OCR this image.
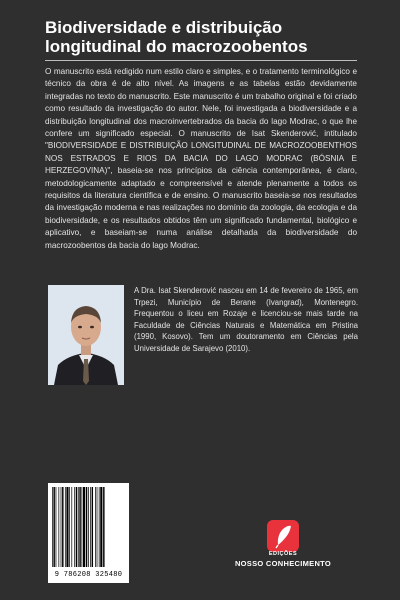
Biodiversidade e distribuição longitudinal do macrozoobentos
O manuscrito está redigido num estilo claro e simples, e o tratamento terminológico e técnico da obra é de alto nível. As imagens e as tabelas estão devidamente integradas no texto do manuscrito. Este manuscrito é um trabalho original e foi criado como resultado da investigação do autor. Nele, foi investigada a biodiversidade e a distribuição longitudinal dos macroinvertebrados da bacia do lago Modrac, o que lhe confere um significado especial. O manuscrito de Isat Skenderović, intitulado "BIODIVERSIDADE E DISTRIBUIÇÃO LONGITUDINAL DE MACROZOOBENTHOS NOS ESTRADOS E RIOS DA BACIA DO LAGO MODRAC (BÓSNIA E HERZEGOVINA)", baseia-se nos princípios da ciência contemporânea, é claro, metodologicamente adaptado e compreensível e atende plenamente a todos os requisitos da literatura científica e de ensino. O manuscrito baseia-se nos resultados da investigação moderna e nas realizações no domínio da zoologia, da ecologia e da biodiversidade, e os resultados obtidos têm um significado fundamental, biológico e aplicativo, e baseiam-se numa análise detalhada da biodiversidade do macrozoobentos da bacia do lago Modrac.
A Dra. Isat Skenderović nasceu em 14 de fevereiro de 1965, em Trpezi, Município de Berane (Ivangrad), Montenegro. Frequentou o liceu em Rozaje e licenciou-se mais tarde na Faculdade de Ciências Naturais e Matemática em Pristina (1990, Kosovo). Tem um doutoramento em Ciências pela Universidade de Sarajevo (2010).
9 786208 325480
EDIÇÕES
NOSSO CONHECIMENTO
